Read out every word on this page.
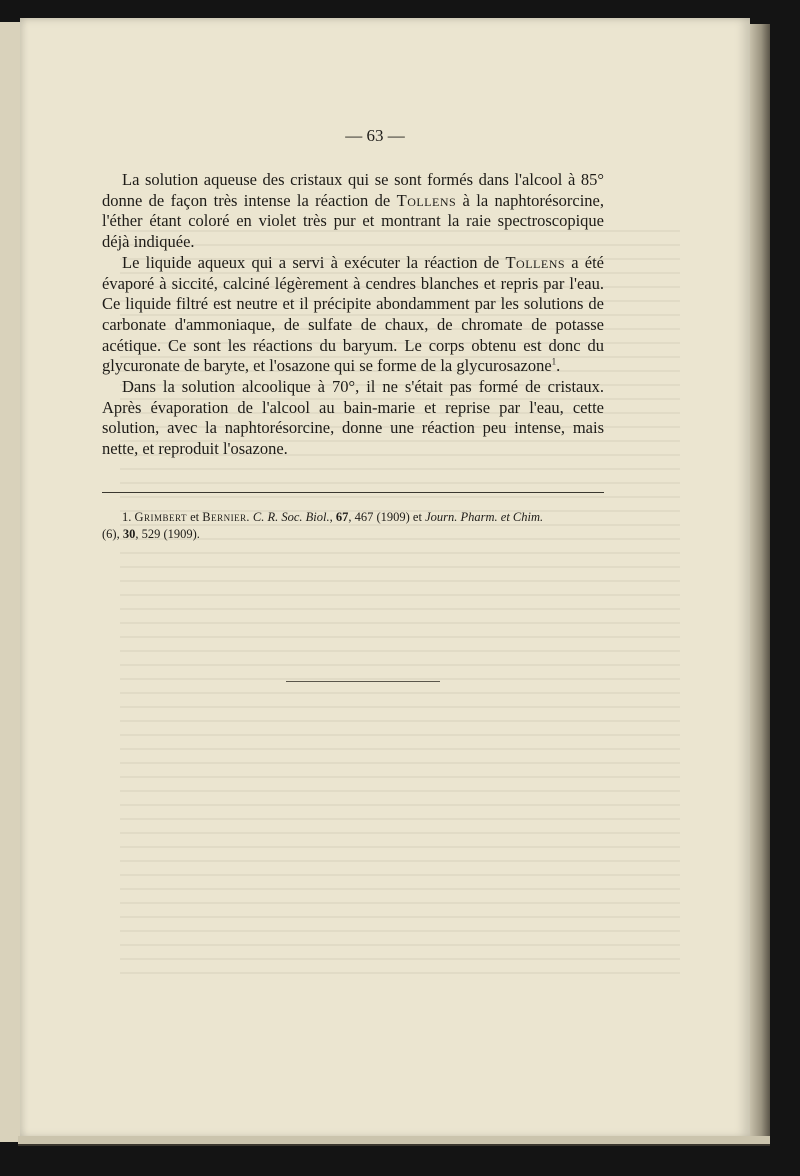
— 63 —

La solution aqueuse des cristaux qui se sont formés dans l'alcool à 85° donne de façon très intense la réaction de Tollens à la naphtorésorcine, l'éther étant coloré en violet très pur et montrant la raie spectroscopique déjà indiquée.

Le liquide aqueux qui a servi à exécuter la réaction de Tollens a été évaporé à siccité, calciné légèrement à cendres blanches et repris par l'eau. Ce liquide filtré est neutre et il précipite abondamment par les solutions de carbonate d'ammoniaque, de sulfate de chaux, de chromate de potasse acétique. Ce sont les réactions du baryum. Le corps obtenu est donc du glycuronate de baryte, et l'osazone qui se forme de la glycurosazone$^1$.

Dans la solution alcoolique à 70°, il ne s'était pas formé de cristaux. Après évaporation de l'alcool au bain-marie et reprise par l'eau, cette solution, avec la naphtorésorcine, donne une réaction peu intense, mais nette, et reproduit l'osazone.

1. Grimbert et Bernier. C. R. Soc. Biol., 67, 467 (1909) et Journ. Pharm. et Chim.
(6), 30, 529 (1909).
